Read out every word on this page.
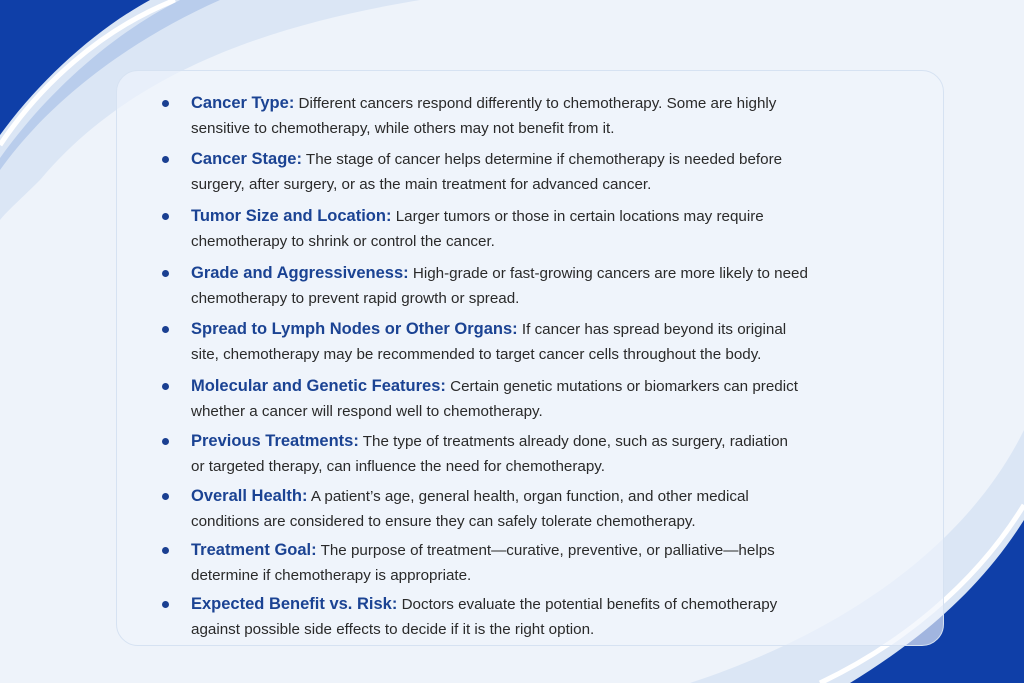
Cancer Type: Different cancers respond differently to chemotherapy. Some are highly
sensitive to chemotherapy, while others may not benefit from it.
Cancer Stage: The stage of cancer helps determine if chemotherapy is needed before
surgery, after surgery, or as the main treatment for advanced cancer.
Tumor Size and Location: Larger tumors or those in certain locations may require
chemotherapy to shrink or control the cancer.
Grade and Aggressiveness: High-grade or fast-growing cancers are more likely to need
chemotherapy to prevent rapid growth or spread.
Spread to Lymph Nodes or Other Organs: If cancer has spread beyond its original
site, chemotherapy may be recommended to target cancer cells throughout the body.
Molecular and Genetic Features: Certain genetic mutations or biomarkers can predict
whether a cancer will respond well to chemotherapy.
Previous Treatments: The type of treatments already done, such as surgery, radiation
or targeted therapy, can influence the need for chemotherapy.
Overall Health: A patient’s age, general health, organ function, and other medical
conditions are considered to ensure they can safely tolerate chemotherapy.
Treatment Goal: The purpose of treatment—curative, preventive, or palliative—helps
determine if chemotherapy is appropriate.
Expected Benefit vs. Risk: Doctors evaluate the potential benefits of chemotherapy
against possible side effects to decide if it is the right option.
